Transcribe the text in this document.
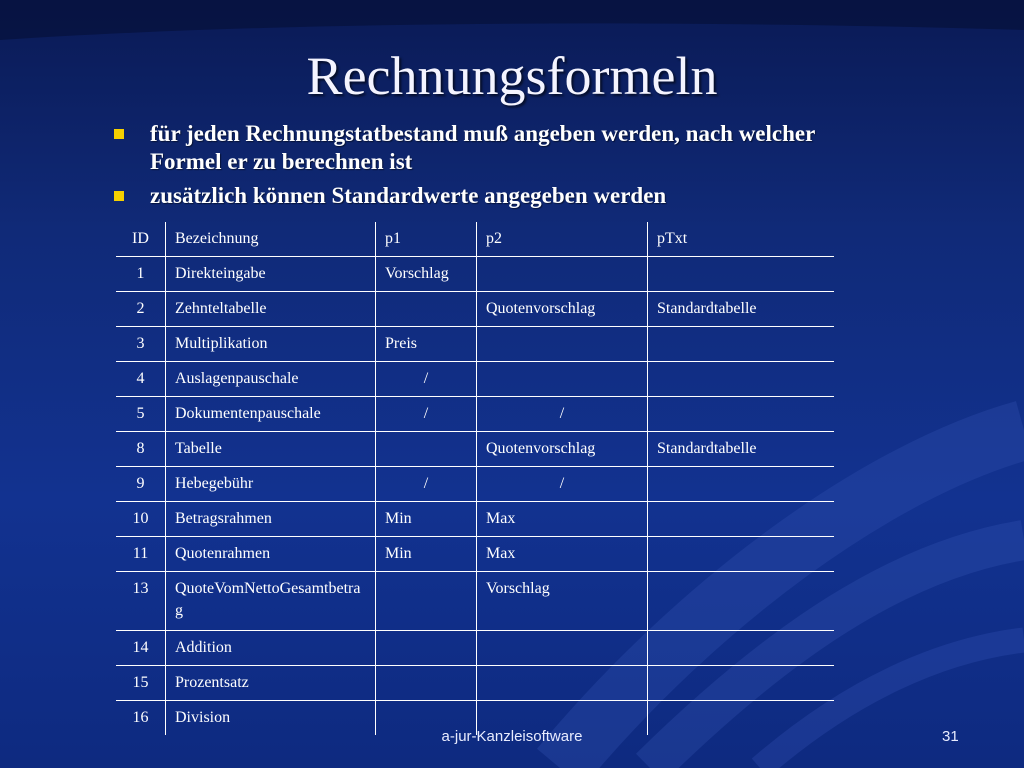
Rechnungsformeln
für jeden Rechnungstatbestand muß angeben werden, nach welcher Formel er zu berechnen ist
zusätzlich können Standardwerte angegeben werden
ID	Bezeichnung	p1	p2	pTxt
1	Direkteingabe	Vorschlag		
2	Zehnteltabelle		Quotenvorschlag	Standardtabelle
3	Multiplikation	Preis		
4	Auslagenpauschale	/		
5	Dokumentenpauschale	/	/	
8	Tabelle		Quotenvorschlag	Standardtabelle
9	Hebegebühr	/	/	
10	Betragsrahmen	Min	Max	
11	Quotenrahmen	Min	Max	
13	QuoteVomNettoGesamtbetrag		Vorschlag	
14	Addition			
15	Prozentsatz			
16	Division			
a-jur-Kanzleisoftware	31
